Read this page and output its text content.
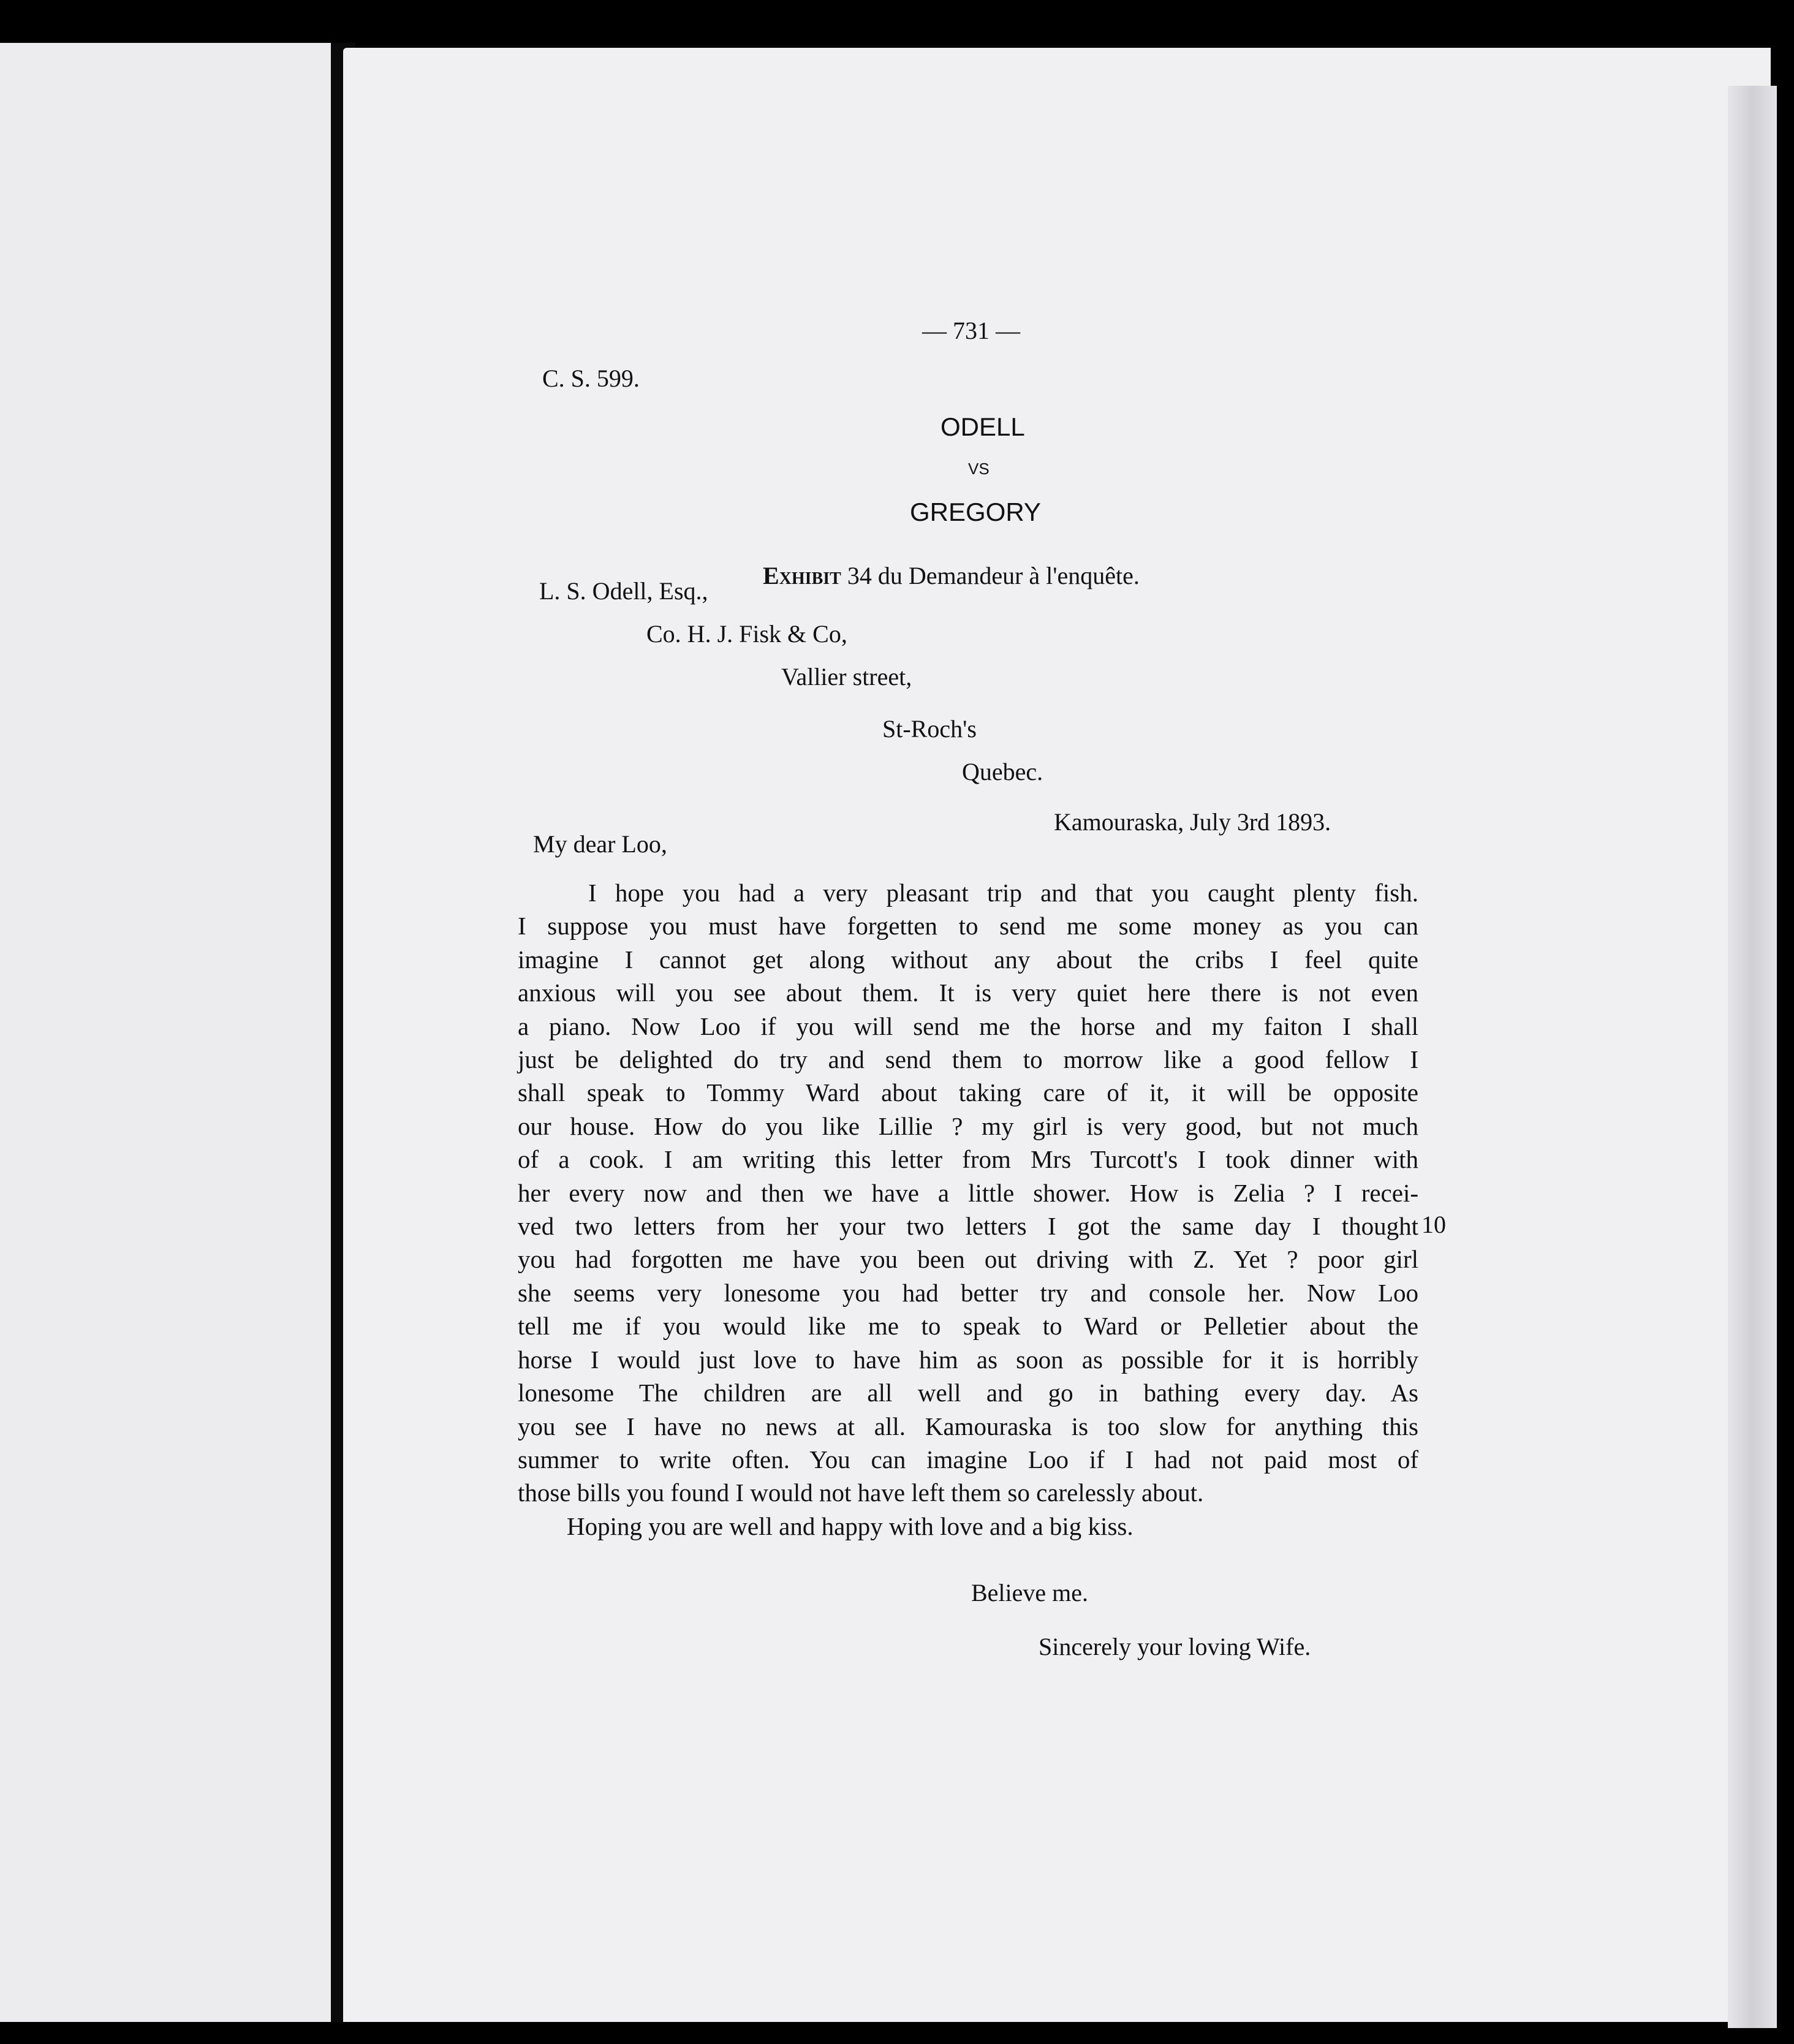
— 731 —
C. S. 599.
ODELL
VS
GREGORY

Exhibit 34 du Demandeur à l'enquête.

L. S. Odell, Esq.,
Co. H. J. Fisk & Co,
Vallier street,
St-Roch's
Quebec.
Kamouraska, July 3rd 1893.
My dear Loo,
I hope you had a very pleasant trip and that you caught plenty fish.
I suppose you must have forgetten to send me some money as you can
imagine I cannot get along without any about the cribs I feel quite
anxious will you see about them. It is very quiet here there is not even
a piano. Now Loo if you will send me the horse and my faiton I shall
just be delighted do try and send them to morrow like a good fellow I
shall speak to Tommy Ward about taking care of it, it will be opposite
our house. How do you like Lillie ? my girl is very good, but not much
of a cook. I am writing this letter from Mrs Turcott's I took dinner with
her every now and then we have a little shower. How is Zelia ? I recei-
ved two letters from her your two letters I got the same day I thought
you had forgotten me have you been out driving with Z. Yet ? poor girl
she seems very lonesome you had better try and console her. Now Loo
tell me if you would like me to speak to Ward or Pelletier about the
horse I would just love to have him as soon as possible for it is horribly
lonesome The children are all well and go in bathing every day. As
you see I have no news at all. Kamouraska is too slow for anything this
summer to write often. You can imagine Loo if I had not paid most of
those bills you found I would not have left them so carelessly about.
Hoping you are well and happy with love and a big kiss.
10
Believe me.
Sincerely your loving Wife.
